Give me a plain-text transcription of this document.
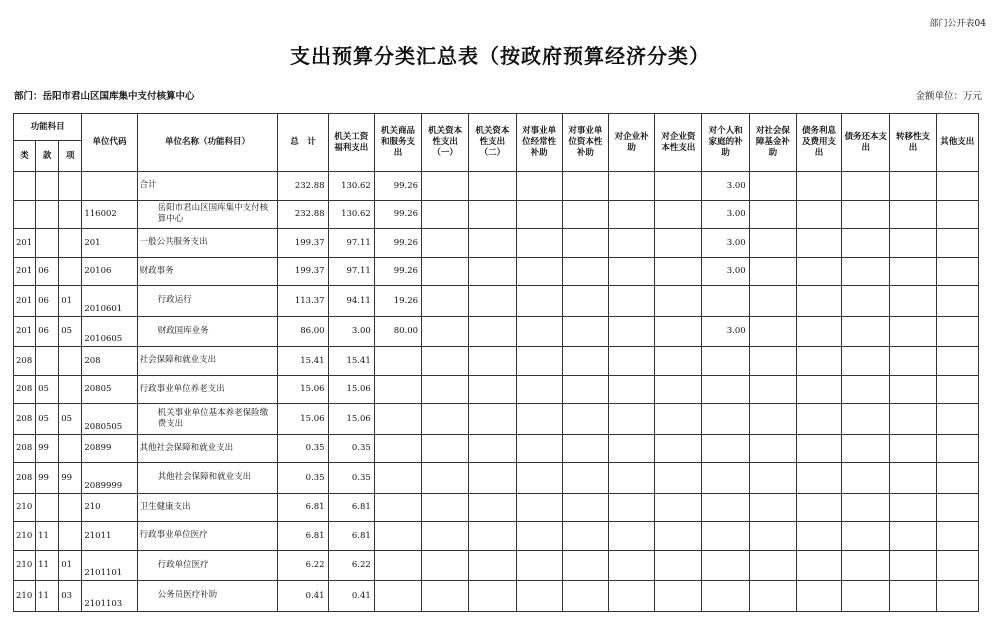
部门公开表04
支出预算分类汇总表（按政府预算经济分类）
部门：岳阳市君山区国库集中支付核算中心	金额单位：万元
功能科目			单位代码	单位名称（功能科目）	总　计	机关工资福利支出	机关商品和服务支出	机关资本性支出（一）	机关资本性支出（二）	对事业单位经常性补助	对事业单位资本性补助	对企业补助	对企业资本性支出	对个人和家庭的补助	对社会保障基金补助	债务利息及费用支出	债务还本支出	转移性支出	其他支出
类	款	项																	
				合计	232.88	130.62	99.26							3.00					
			116002	岳阳市君山区国库集中支付核算中心	232.88	130.62	99.26							3.00					
201			201	一般公共服务支出	199.37	97.11	99.26							3.00					
201	06		20106	财政事务	199.37	97.11	99.26							3.00					
201	06	01	2010601	行政运行	113.37	94.11	19.26												
201	06	05	2010605	财政国库业务	86.00	3.00	80.00							3.00					
208			208	社会保障和就业支出	15.41	15.41													
208	05		20805	行政事业单位养老支出	15.06	15.06													
208	05	05	2080505	机关事业单位基本养老保险缴费支出	15.06	15.06													
208	99		20899	其他社会保障和就业支出	0.35	0.35													
208	99	99	2089999	其他社会保障和就业支出	0.35	0.35													
210			210	卫生健康支出	6.81	6.81													
210	11		21011	行政事业单位医疗	6.81	6.81													
210	11	01	2101101	行政单位医疗	6.22	6.22													
210	11	03	2101103	公务员医疗补助	0.41	0.41													
